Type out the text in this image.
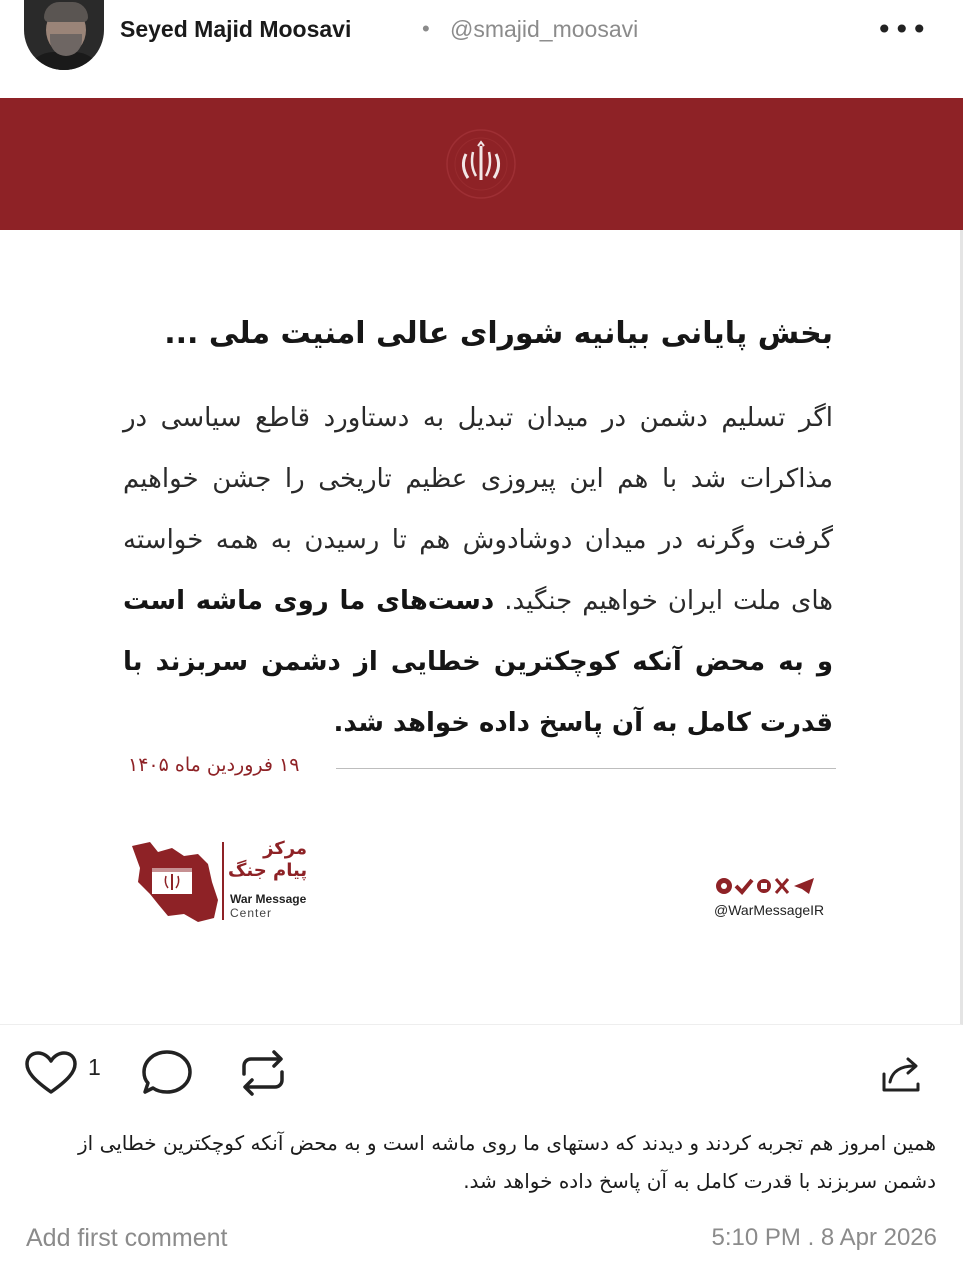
Seyed Majid Moosavi	• @smajid_moosavi	•••
بخش پایانی بیانیه شورای عالی امنیت ملی ...
اگر تسلیم دشمن در میدان تبدیل به دستاورد قاطع سیاسی در مذاکرات شد با هم این پیروزی عظیم تاریخی را جشن خواهیم گرفت وگرنه در میدان دوشادوش هم تا رسیدن به همه خواسته های ملت ایران خواهیم جنگید. دست‌های ما روی ماشه است و به محض آنکه کوچکترین خطایی از دشمن سربزند با قدرت کامل به آن پاسخ داده خواهد شد.
۱۹ فروردین ماه ۱۴۰۵
مرکز
پیام جنگ
War Message
Center	@WarMessageIR
1
همین امروز هم تجربه کردند و دیدند که دستهای ما روی ماشه است و به محض آنکه کوچکترین خطایی از دشمن سربزند با قدرت کامل به آن پاسخ داده خواهد شد.
Add first comment	5:10 PM . 8 Apr 2026
